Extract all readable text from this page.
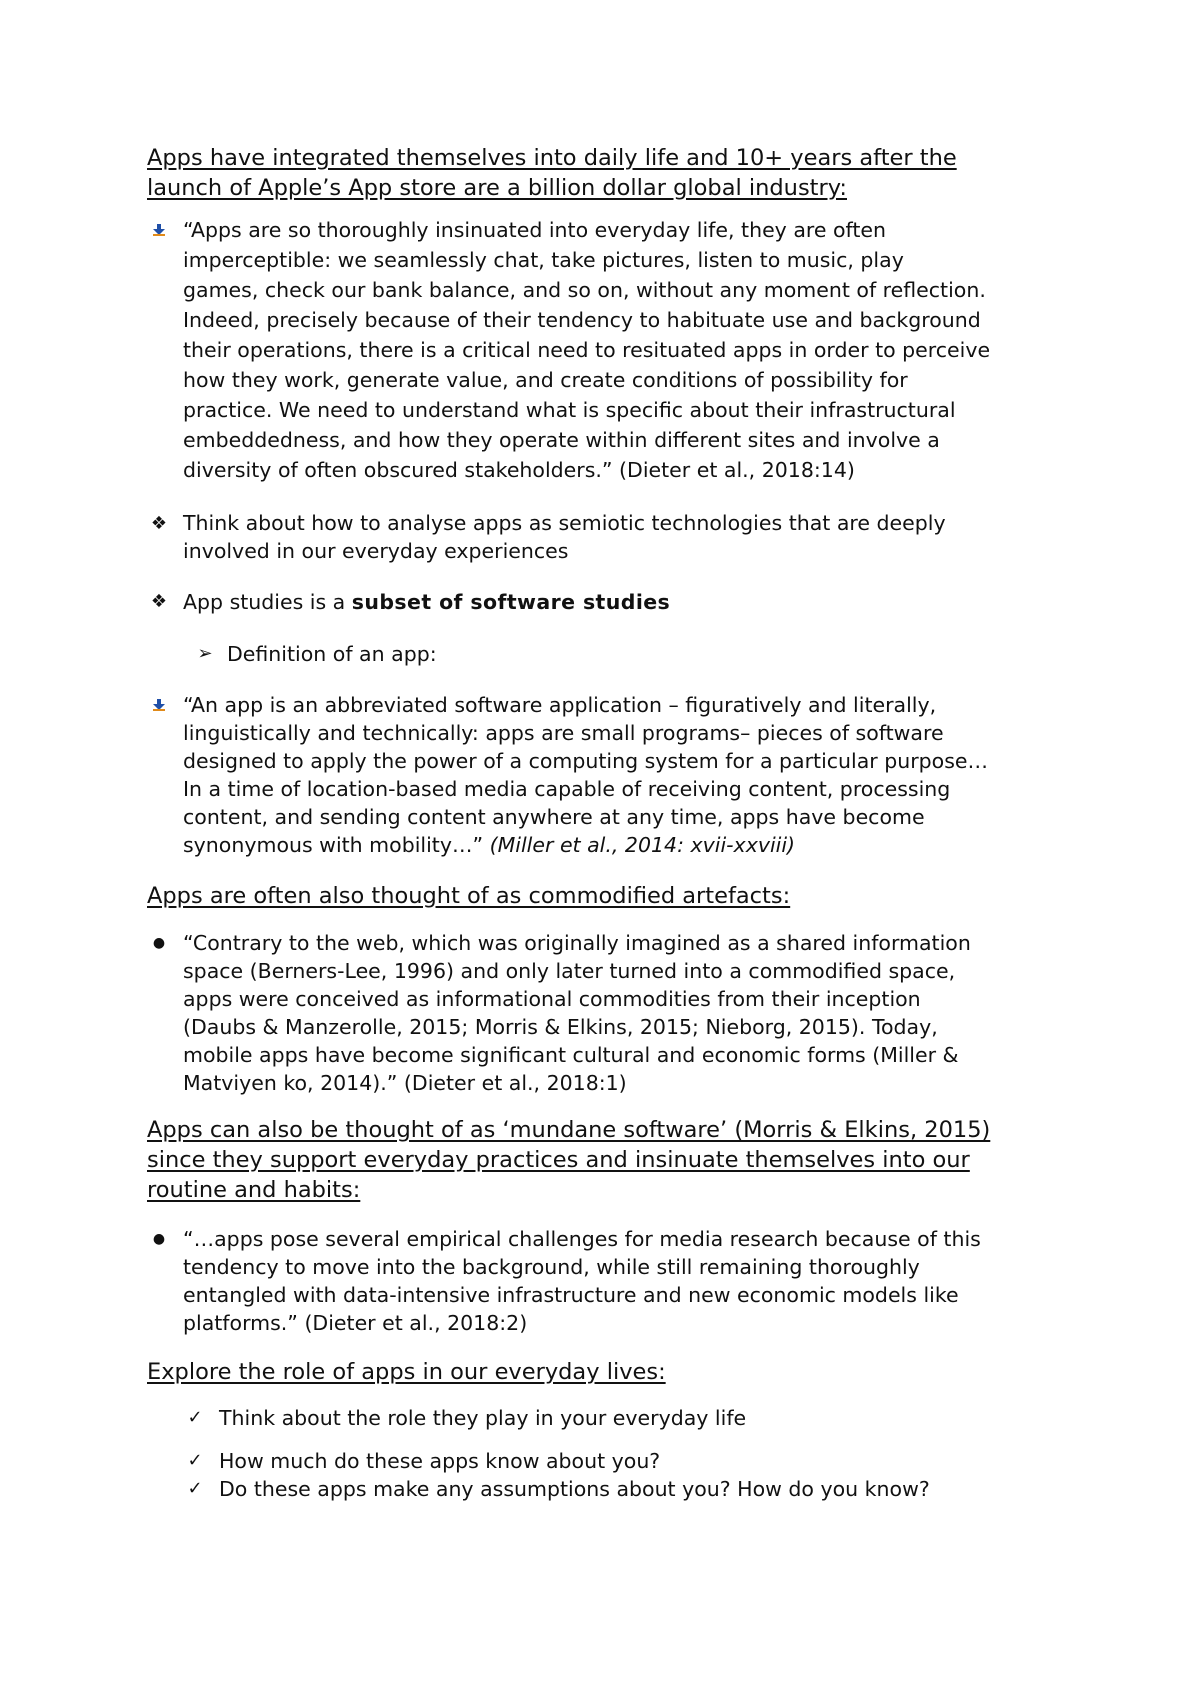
Apps have integrated themselves into daily life and 10+ years after the
launch of Apple’s App store are a billion dollar global industry:
“Apps are so thoroughly insinuated into everyday life, they are often
imperceptible: we seamlessly chat, take pictures, listen to music, play
games, check our bank balance, and so on, without any moment of reflection.
Indeed, precisely because of their tendency to habituate use and background
their operations, there is a critical need to resituated apps in order to perceive
how they work, generate value, and create conditions of possibility for
practice. We need to understand what is specific about their infrastructural
embeddedness, and how they operate within different sites and involve a
diversity of often obscured stakeholders.” (Dieter et al., 2018:14)
❖ Think about how to analyse apps as semiotic technologies that are deeply
involved in our everyday experiences
❖ App studies is a subset of software studies
➢ Definition of an app:
“An app is an abbreviated software application – figuratively and literally,
linguistically and technically: apps are small programs– pieces of software
designed to apply the power of a computing system for a particular purpose…
In a time of location-based media capable of receiving content, processing
content, and sending content anywhere at any time, apps have become
synonymous with mobility…” (Miller et al., 2014: xvii-xxviii)
Apps are often also thought of as commodified artefacts:
● “Contrary to the web, which was originally imagined as a shared information
space (Berners-Lee, 1996) and only later turned into a commodified space,
apps were conceived as informational commodities from their inception
(Daubs & Manzerolle, 2015; Morris & Elkins, 2015; Nieborg, 2015). Today,
mobile apps have become significant cultural and economic forms (Miller &
Matviyen ko, 2014).” (Dieter et al., 2018:1)
Apps can also be thought of as ‘mundane software’ (Morris & Elkins, 2015)
since they support everyday practices and insinuate themselves into our
routine and habits:
● “…apps pose several empirical challenges for media research because of this
tendency to move into the background, while still remaining thoroughly
entangled with data-intensive infrastructure and new economic models like
platforms.” (Dieter et al., 2018:2)
Explore the role of apps in our everyday lives:
✓ Think about the role they play in your everyday life
✓ How much do these apps know about you?
✓ Do these apps make any assumptions about you? How do you know?
